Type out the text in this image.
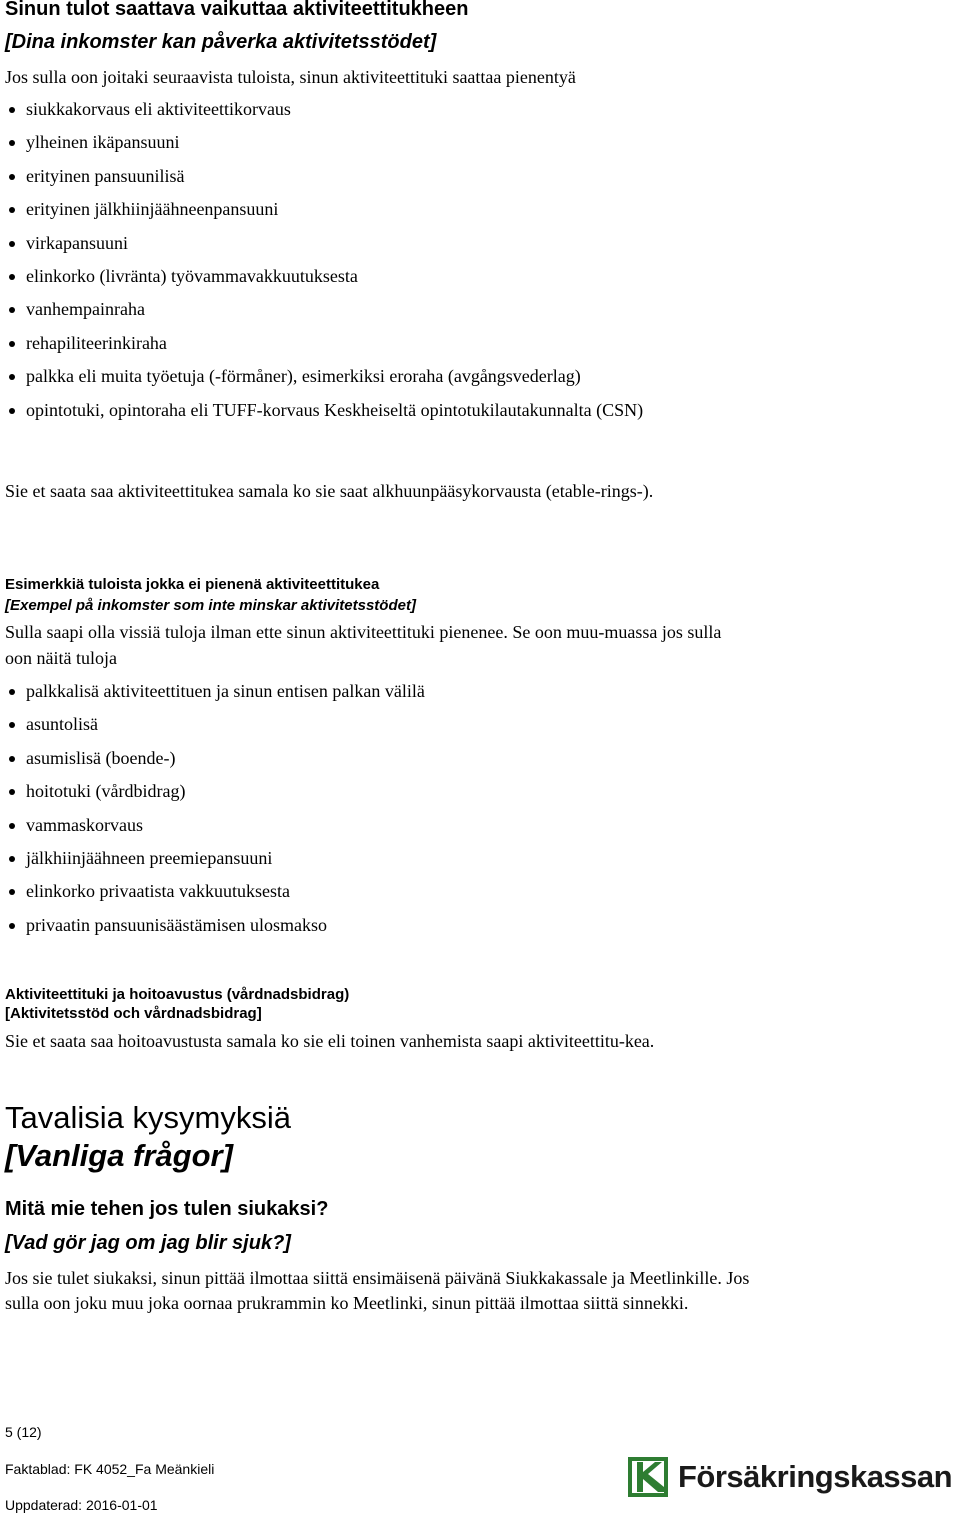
Sinun tulot saattava vaikuttaa aktiviteettitukheen
[Dina inkomster kan påverka aktivitetsstödet]

Jos sulla oon joitaki seuraavista tuloista, sinun aktiviteettituki saattaa pienentyä

siukkakorvaus eli aktiviteettikorvaus
ylheinen ikäpansuuni
erityinen pansuunilisä
erityinen jälkhiinjäähneenpansuuni
virkapansuuni
elinkorko (livränta) työvammavakkuutuksesta
vanhempainraha
rehapiliteerinkiraha
palkka eli muita työetuja (-förmåner), esimerkiksi eroraha (avgångsvederlag)
opintotuki, opintoraha eli TUFF-korvaus Keskheiseltä opintotukilautakunnalta (CSN)

Sie et saata saa aktiviteettitukea samala ko sie saat alkhuunpääsykorvausta (etable-rings-).

Esimerkkiä tuloista jokka ei pienenä aktiviteettitukea
[Exempel på inkomster som inte minskar aktivitetsstödet]

Sulla saapi olla vissiä tuloja ilman ette sinun aktiviteettituki pienenee. Se oon muu-muassa jos sulla oon näitä tuloja

palkkalisä aktiviteettituen ja sinun entisen palkan välilä
asuntolisä
asumislisä (boende-)
hoitotuki (vårdbidrag)
vammaskorvaus
jälkhiinjäähneen preemiepansuuni
elinkorko privaatista vakkuutuksesta
privaatin pansuunisäästämisen ulosmakso
Aktiviteettituki ja hoitoavustus (vårdnadsbidrag)
[Aktivitetsstöd och vårdnadsbidrag]

Sie et saata saa hoitoavustusta samala ko sie eli toinen vanhemista saapi aktiviteettitu-kea.

Tavalisia kysymyksiä
[Vanliga frågor]
Mitä mie tehen jos tulen siukaksi?
[Vad gör jag om jag blir sjuk?]

Jos sie tulet siukaksi, sinun pittää ilmottaa siittä ensimäisenä päivänä Siukkakassale ja Meetlinkille. Jos sulla oon joku muu joka oornaa prukrammin ko Meetlinki, sinun pittää ilmottaa siittä sinnekki.

5 (12)
Faktablad: FK 4052_Fa Meänkieli
Uppdaterad: 2016-01-01
Försäkringskassan
